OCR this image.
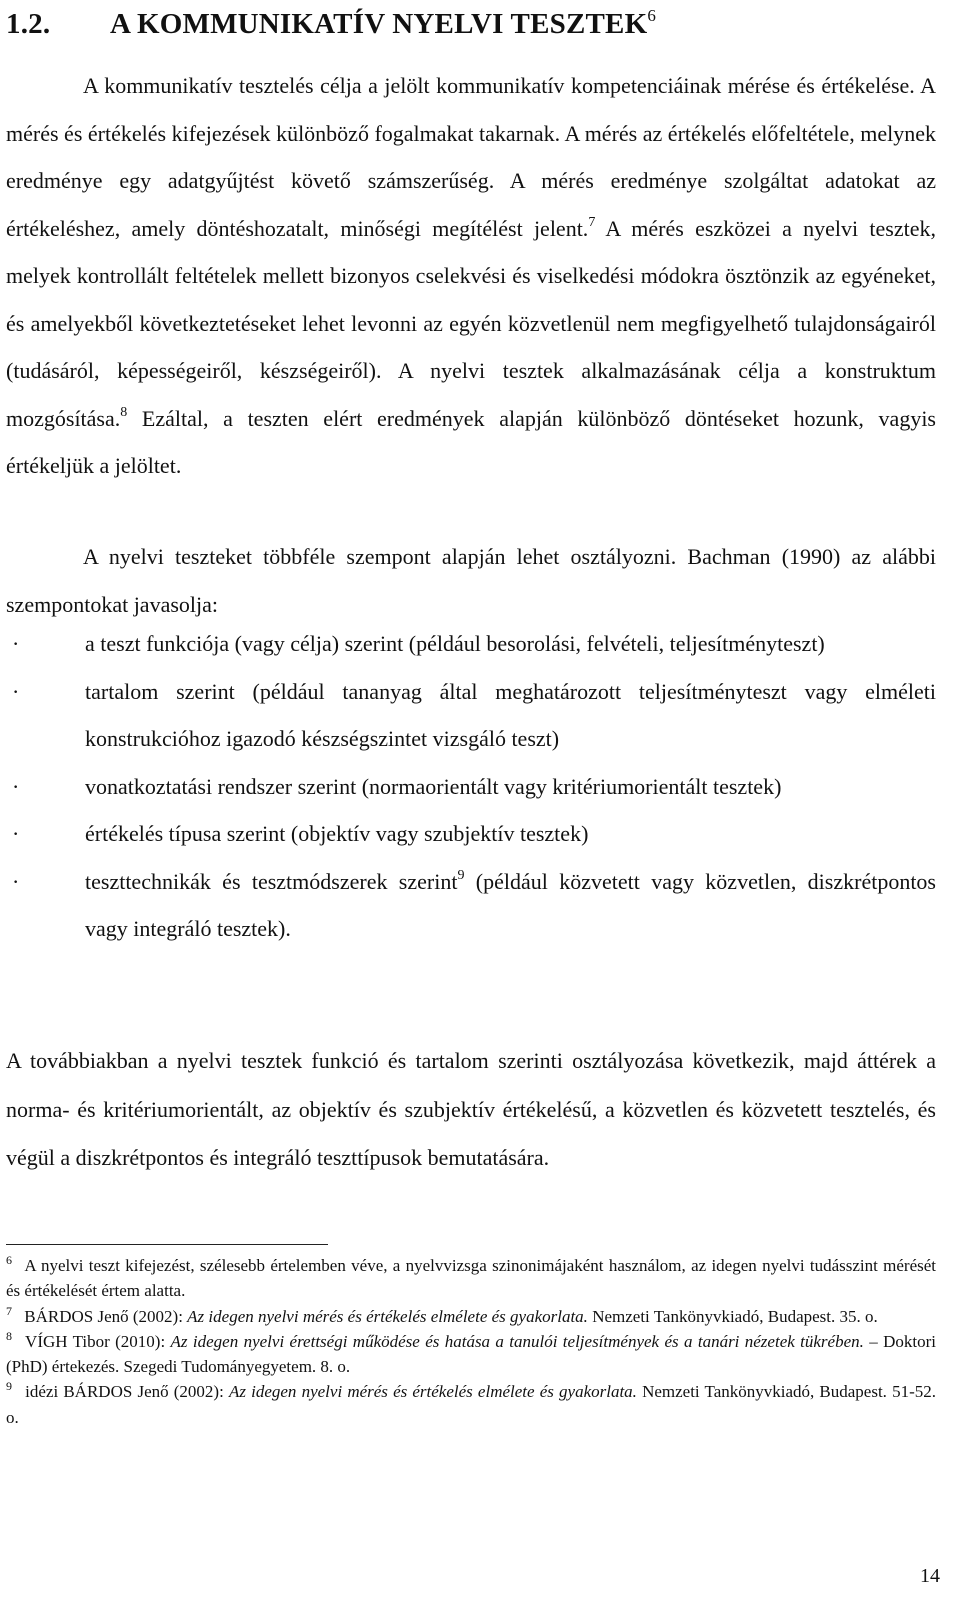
1.2. A KOMMUNIKATÍV NYELVI TESZTEK$^6$
A kommunikatív tesztelés célja a jelölt kommunikatív kompetenciáinak mérése és értékelése. A mérés és értékelés kifejezések különböző fogalmakat takarnak. A mérés az értékelés előfeltétele, melynek eredménye egy adatgyűjtést követő számszerűség. A mérés eredménye szolgáltat adatokat az értékeléshez, amely döntéshozatalt, minőségi megítélést jelent.$^7$ A mérés eszközei a nyelvi tesztek, melyek kontrollált feltételek mellett bizonyos cselekvési és viselkedési módokra ösztönzik az egyéneket, és amelyekből következtetéseket lehet levonni az egyén közvetlenül nem megfigyelhető tulajdonságairól (tudásáról, képességeiről, készségeiről). A nyelvi tesztek alkalmazásának célja a konstruktum mozgósítása.$^8$ Ezáltal, a teszten elért eredmények alapján különböző döntéseket hozunk, vagyis értékeljük a jelöltet.
A nyelvi teszteket többféle szempont alapján lehet osztályozni. Bachman (1990) az alábbi szempontokat javasolja:
·	a teszt funkciója (vagy célja) szerint (például besorolási, felvételi, teljesítményteszt)
·	tartalom szerint (például tananyag által meghatározott teljesítményteszt vagy elméleti konstrukcióhoz igazodó készségszintet vizsgáló teszt)
·	vonatkoztatási rendszer szerint (normaorientált vagy kritériumorientált tesztek)
·	értékelés típusa szerint (objektív vagy szubjektív tesztek)
·	teszttechnikák és tesztmódszerek szerint$^9$ (például közvetett vagy közvetlen, diszkrétpontos vagy integráló tesztek).
A továbbiakban a nyelvi tesztek funkció és tartalom szerinti osztályozása következik, majd áttérek a norma- és kritériumorientált, az objektív és szubjektív értékelésű, a közvetlen és közvetett tesztelés, és végül a diszkrétpontos és integráló teszttípusok bemutatására.

6 A nyelvi teszt kifejezést, szélesebb értelemben véve, a nyelvvizsga szinonimájaként használom, az idegen nyelvi tudásszint mérését és értékelését értem alatta.

7 BÁRDOS Jenő (2002): Az idegen nyelvi mérés és értékelés elmélete és gyakorlata. Nemzeti Tankönyvkiadó, Budapest. 35. o.

8 VÍGH Tibor (2010): Az idegen nyelvi érettségi működése és hatása a tanulói teljesítmények és a tanári nézetek tükrében. – Doktori (PhD) értekezés. Szegedi Tudományegyetem. 8. o.

9 idézi BÁRDOS Jenő (2002): Az idegen nyelvi mérés és értékelés elmélete és gyakorlata. Nemzeti Tankönyvkiadó, Budapest. 51-52. o.

14
